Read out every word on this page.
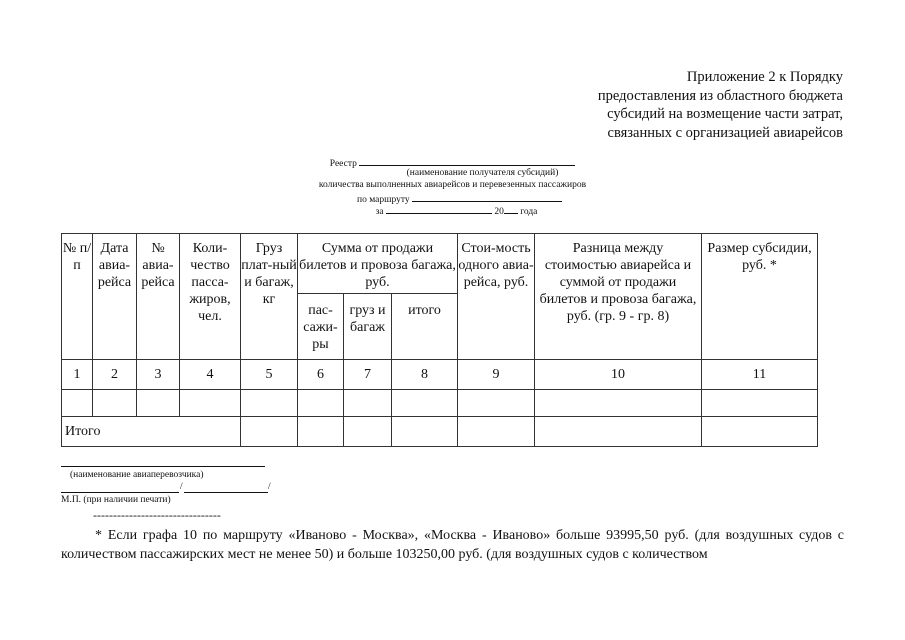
Приложение 2 к Порядку
предоставления из областного бюджета
субсидий на возмещение части затрат,
связанных с организацией авиарейсов
Реестр
(наименование получателя субсидий)
количества выполненных авиарейсов и перевезенных пассажиров
по маршруту
за	20 года
№ п/п	Дата авиа-рейса	№ авиа-рейса	Коли-чество пасса-жиров, чел.	Груз плат-ный и багаж, кг	Сумма от продажи билетов и провоза багажа, руб.			Стои-мость одного авиа-рейса, руб.	Разница между стоимостью авиарейса и суммой от продажи билетов и провоза багажа, руб. (гр. 9 - гр. 8)	Размер субсидии, руб. *
					пас-сажи-ры	груз и багаж	итого			
1	2	3	4	5	6	7	8	9	10	11

Итого										
(наименование авиаперевозчика)
/	/
М.П. (при наличии печати)
--------------------------------
* Если графа 10 по маршруту «Иваново - Москва», «Москва - Иваново» больше 93995,50 руб. (для воздушных судов с количеством пассажирских мест не менее 50) и больше 103250,00 руб. (для воздушных судов с количеством
